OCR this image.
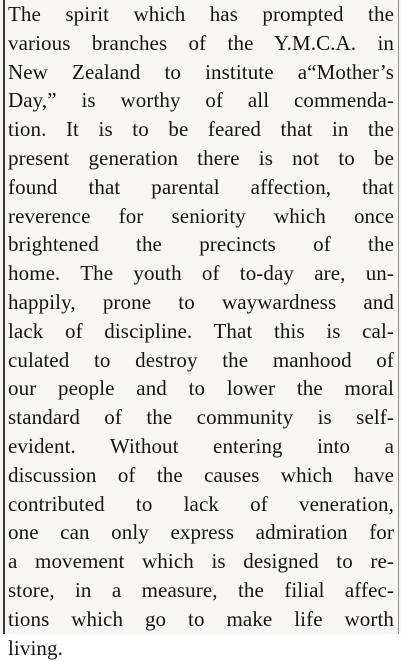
The spirit which has prompted the
various branches of the Y.M.C.A. in
New Zealand to institute a“Mother’s
Day,” is worthy of all commenda-
tion. It is to be feared that in the
present generation there is not to be
found that parental affection, that
reverence for seniority which once
brightened the precincts of the
home. The youth of to-day are, un-
happily, prone to waywardness and
lack of discipline. That this is cal-
culated to destroy the manhood of
our people and to lower the moral
standard of the community is self-
evident. Without entering into a
discussion of the causes which have
contributed to lack of veneration,
one can only express admiration for
a movement which is designed to re-
store, in a measure, the filial affec-
tions which go to make life worth
living.
